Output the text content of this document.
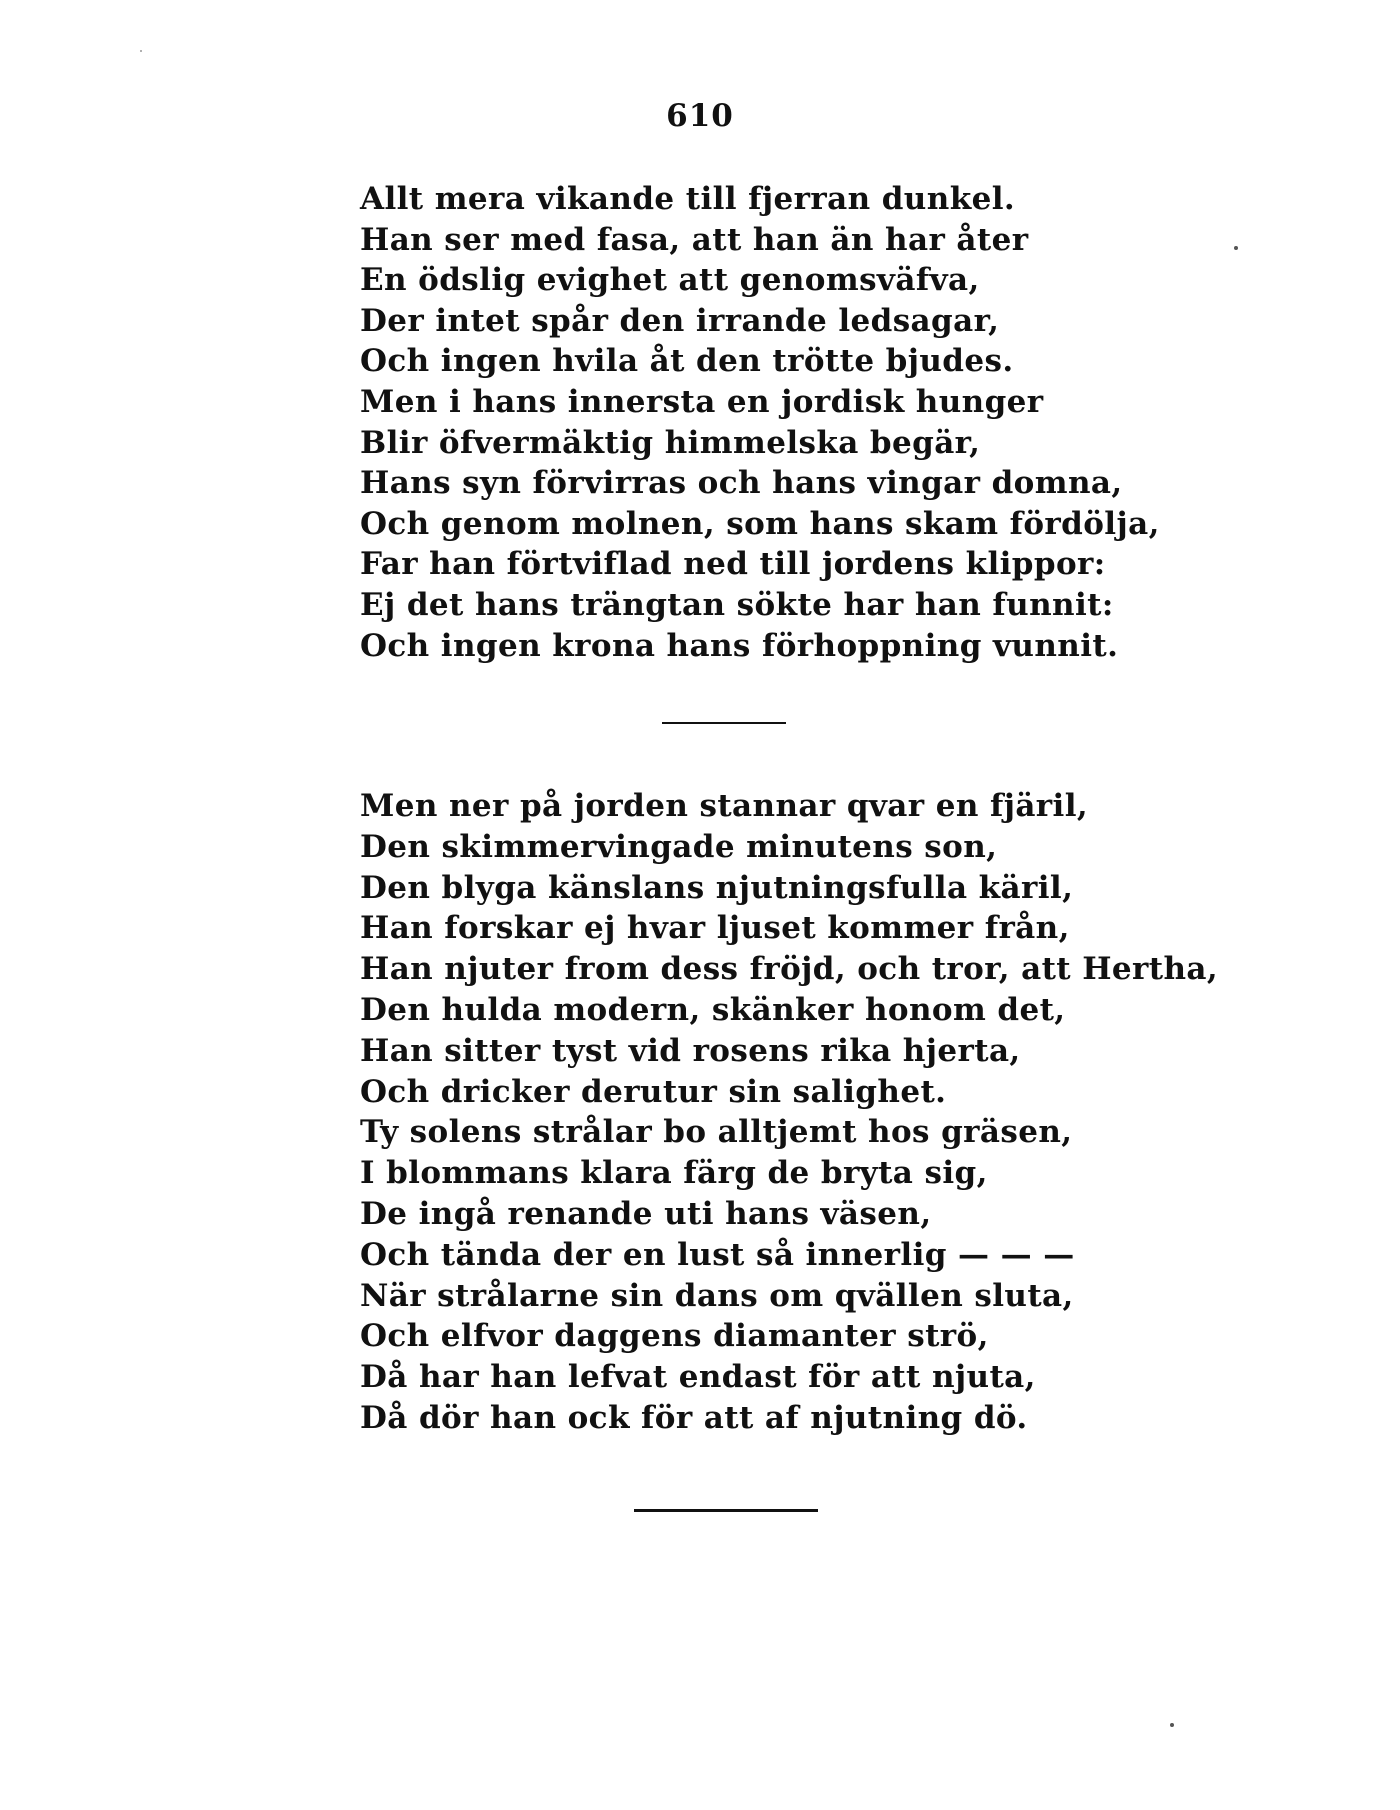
610
Allt mera vikande till fjerran dunkel.
Han ser med fasa, att han än har åter
En ödslig evighet att genomsväfva,
Der intet spår den irrande ledsagar,
Och ingen hvila åt den trötte bjudes.
Men i hans innersta en jordisk hunger
Blir öfvermäktig himmelska begär,
Hans syn förvirras och hans vingar domna,
Och genom molnen, som hans skam fördölja,
Far han förtviflad ned till jordens klippor:
Ej det hans trängtan sökte har han funnit:
Och ingen krona hans förhoppning vunnit.
Men ner på jorden stannar qvar en fjäril,
Den skimmervingade minutens son,
Den blyga känslans njutningsfulla käril,
Han forskar ej hvar ljuset kommer från,
Han njuter from dess fröjd, och tror, att Hertha,
Den hulda modern, skänker honom det,
Han sitter tyst vid rosens rika hjerta,
Och dricker derutur sin salighet.
Ty solens strålar bo alltjemt hos gräsen,
I blommans klara färg de bryta sig,
De ingå renande uti hans väsen,
Och tända der en lust så innerlig — — —
När strålarne sin dans om qvällen sluta,
Och elfvor daggens diamanter strö,
Då har han lefvat endast för att njuta,
Då dör han ock för att af njutning dö.
